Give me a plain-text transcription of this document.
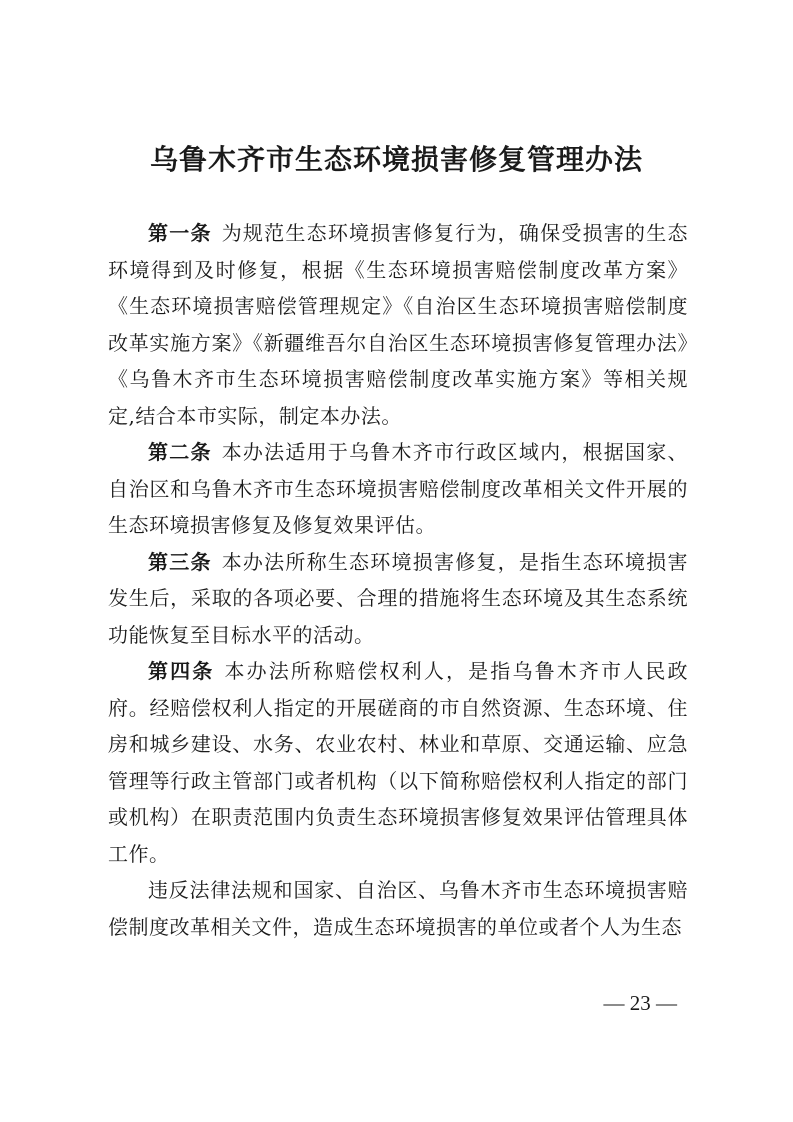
乌鲁木齐市生态环境损害修复管理办法

第一条 为规范生态环境损害修复行为，确保受损害的生态环境得到及时修复，根据《生态环境损害赔偿制度改革方案》《生态环境损害赔偿管理规定》《自治区生态环境损害赔偿制度改革实施方案》《新疆维吾尔自治区生态环境损害修复管理办法》《乌鲁木齐市生态环境损害赔偿制度改革实施方案》等相关规定,结合本市实际，制定本办法。

第二条 本办法适用于乌鲁木齐市行政区域内，根据国家、自治区和乌鲁木齐市生态环境损害赔偿制度改革相关文件开展的生态环境损害修复及修复效果评估。

第三条 本办法所称生态环境损害修复，是指生态环境损害发生后，采取的各项必要、合理的措施将生态环境及其生态系统功能恢复至目标水平的活动。

第四条 本办法所称赔偿权利人，是指乌鲁木齐市人民政府。经赔偿权利人指定的开展磋商的市自然资源、生态环境、住房和城乡建设、水务、农业农村、林业和草原、交通运输、应急管理等行政主管部门或者机构（以下简称赔偿权利人指定的部门或机构）在职责范围内负责生态环境损害修复效果评估管理具体工作。

违反法律法规和国家、自治区、乌鲁木齐市生态环境损害赔偿制度改革相关文件，造成生态环境损害的单位或者个人为生态

— 23 —
